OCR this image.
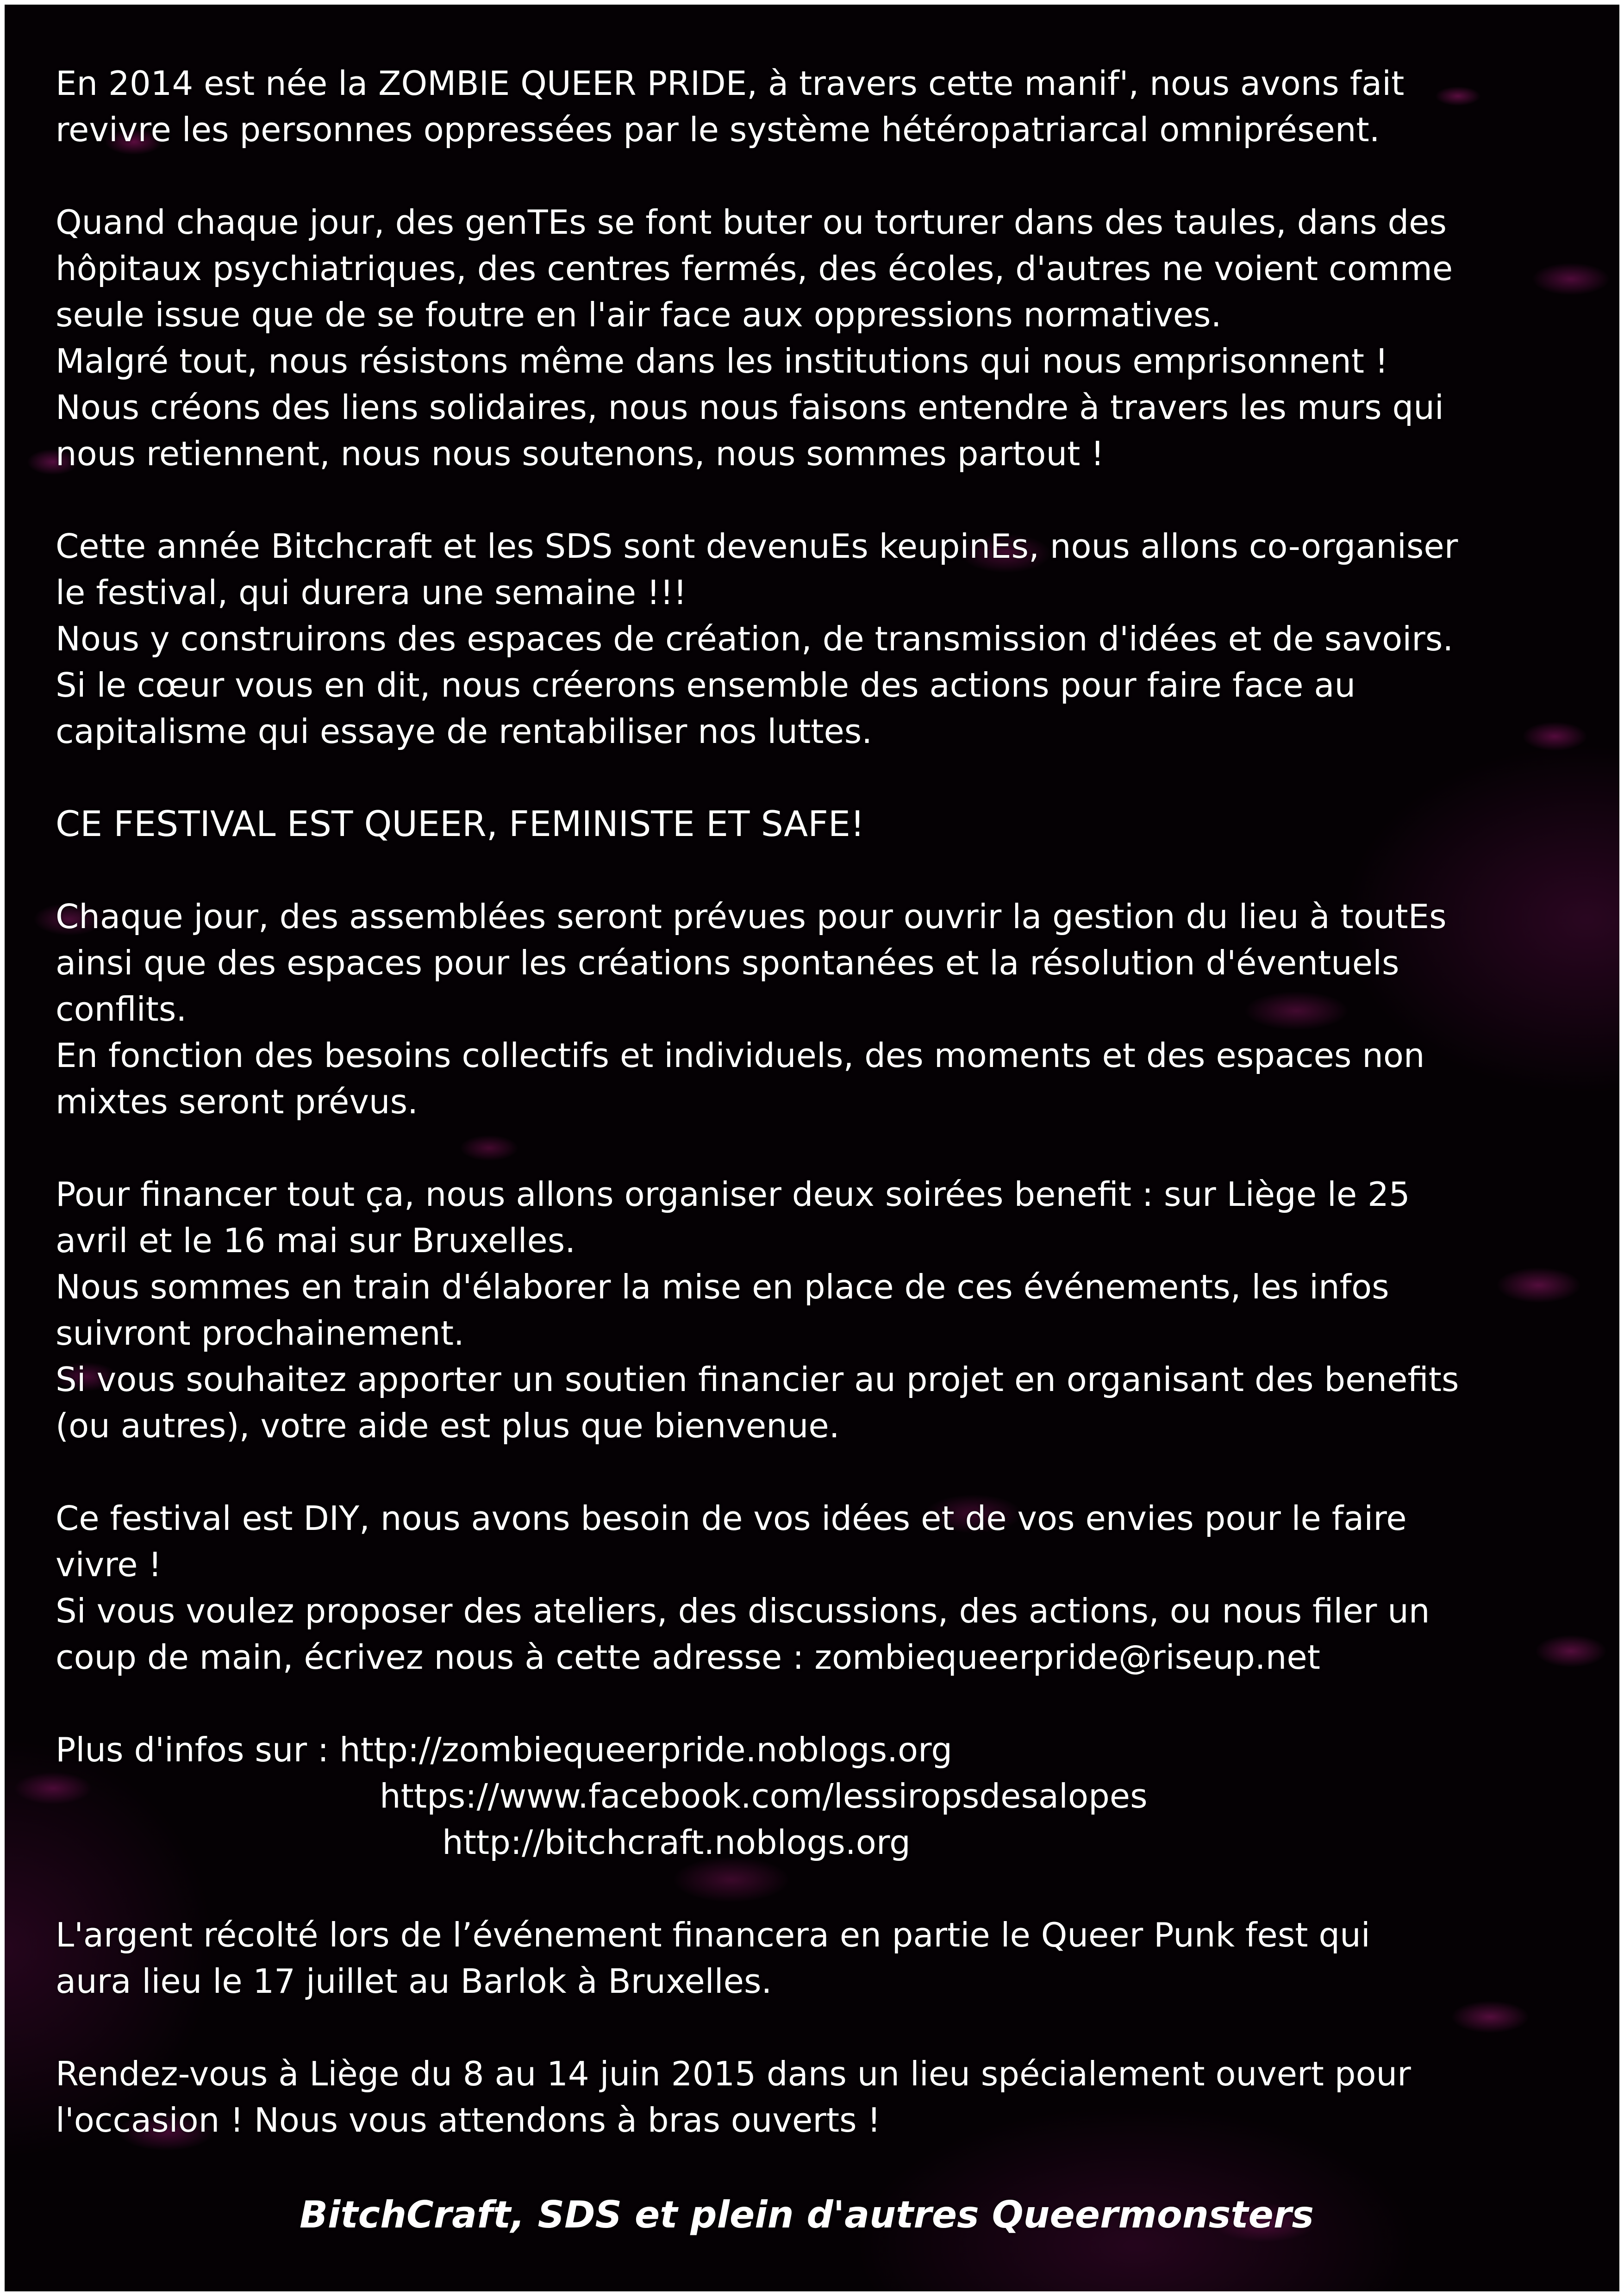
En 2014 est née la ZOMBIE QUEER PRIDE, à travers cette manif', nous avons fait
revivre les personnes oppressées par le système hétéropatriarcal omniprésent.
Quand chaque jour, des genTEs se font buter ou torturer dans des taules, dans des
hôpitaux psychiatriques, des centres fermés, des écoles, d'autres ne voient comme
seule issue que de se foutre en l'air face aux oppressions normatives.
Malgré tout, nous résistons même dans les institutions qui nous emprisonnent !
Nous créons des liens solidaires, nous nous faisons entendre à travers les murs qui
nous retiennent, nous nous soutenons, nous sommes partout !
Cette année Bitchcraft et les SDS sont devenuEs keupinEs, nous allons co-organiser
le festival, qui durera une semaine !!!
Nous y construirons des espaces de création, de transmission d'idées et de savoirs.
Si le cœur vous en dit, nous créerons ensemble des actions pour faire face au
capitalisme qui essaye de rentabiliser nos luttes.
CE FESTIVAL EST QUEER, FEMINISTE ET SAFE!
Chaque jour, des assemblées seront prévues pour ouvrir la gestion du lieu à toutEs
ainsi que des espaces pour les créations spontanées et la résolution d'éventuels
conflits.
En fonction des besoins collectifs et individuels, des moments et des espaces non
mixtes seront prévus.
Pour financer tout ça, nous allons organiser deux soirées benefit : sur Liège le 25
avril et le 16 mai sur Bruxelles.
Nous sommes en train d'élaborer la mise en place de ces événements, les infos
suivront prochainement.
Si vous souhaitez apporter un soutien financier au projet en organisant des benefits
(ou autres), votre aide est plus que bienvenue.
Ce festival est DIY, nous avons besoin de vos idées et de vos envies pour le faire
vivre !
Si vous voulez proposer des ateliers, des discussions, des actions, ou nous filer un
coup de main, écrivez nous à cette adresse : zombiequeerpride@riseup.net
Plus d'infos sur : http://zombiequeerpride.noblogs.org
https://www.facebook.com/lessiropsdesalopes
http://bitchcraft.noblogs.org
L'argent récolté lors de l’événement financera en partie le Queer Punk fest qui
aura lieu le 17 juillet au Barlok à Bruxelles.
Rendez-vous à Liège du 8 au 14 juin 2015 dans un lieu spécialement ouvert pour
l'occasion ! Nous vous attendons à bras ouverts !
BitchCraft, SDS et plein d'autres Queermonsters
